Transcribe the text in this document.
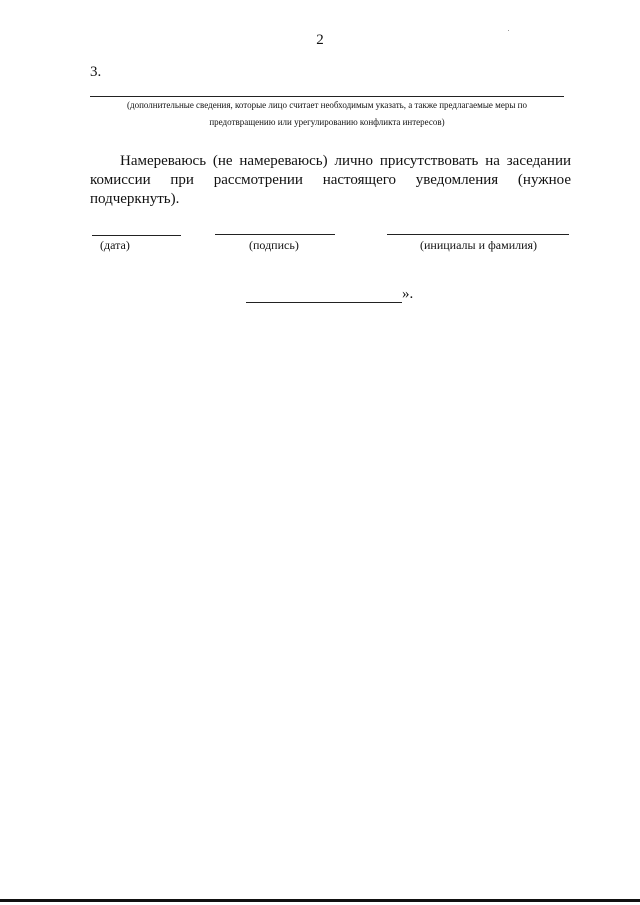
2
3.
(дополнительные сведения, которые лицо считает необходимым указать, а также предлагаемые меры по
предотвращению или урегулированию конфликта интересов)
Намереваюсь (не намереваюсь) лично присутствовать на заседании
комиссии при рассмотрении настоящего уведомления (нужное
подчеркнуть).
(дата)	(подпись)	(инициалы и фамилия)
».
